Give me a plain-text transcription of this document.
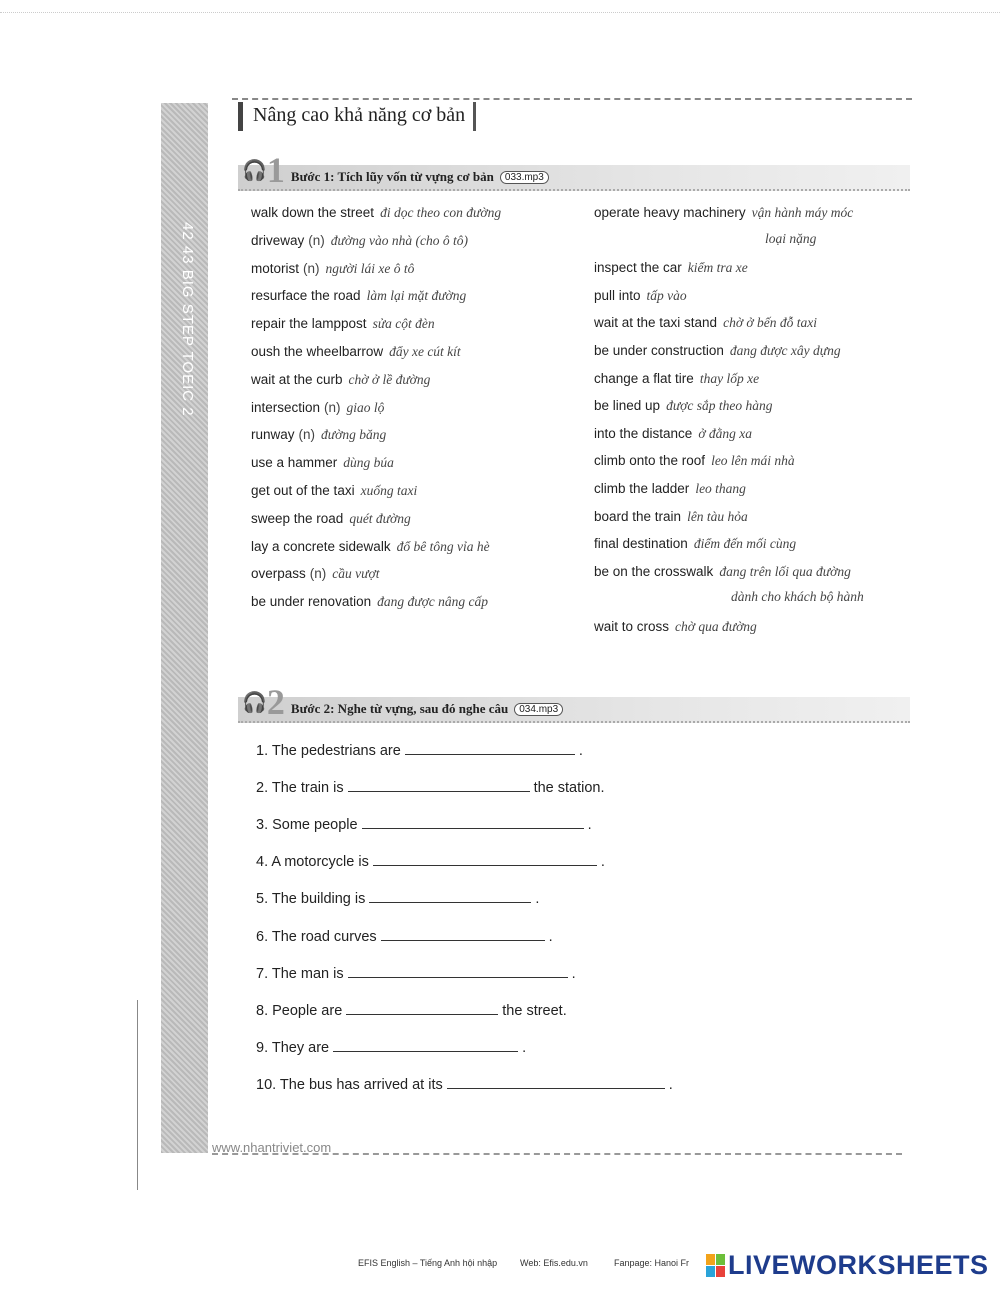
42 43 BIG STEP TOEIC 2
Nâng cao khả năng cơ bản
🎧 1 Bước 1: Tích lũy vốn từ vựng cơ bản	033.mp3
walk down the street đi dọc theo con đường
driveway (n) đường vào nhà (cho ô tô)
motorist (n) người lái xe ô tô
resurface the road làm lại mặt đường
repair the lamppost sửa cột đèn
oush the wheelbarrow đẩy xe cút kít
wait at the curb chờ ở lề đường
intersection (n) giao lộ
runway (n) đường băng
use a hammer dùng búa
get out of the taxi xuống taxi
sweep the road quét đường
lay a concrete sidewalk đổ bê tông vỉa hè
overpass (n) cầu vượt
be under renovation đang được nâng cấp
operate heavy machinery vận hành máy móc
loại nặng
inspect the car kiểm tra xe
pull into tấp vào
wait at the taxi stand chờ ở bến đỗ taxi
be under construction đang được xây dựng
change a flat tire thay lốp xe
be lined up được sắp theo hàng
into the distance ở đằng xa
climb onto the roof leo lên mái nhà
climb the ladder leo thang
board the train lên tàu hỏa
final destination điểm đến mối cùng
be on the crosswalk đang trên lối qua đường
dành cho khách bộ hành
wait to cross chờ qua đường
🎧 2 Bước 2: Nghe từ vựng, sau đó nghe câu	034.mp3
1. The pedestrians are	.
2. The train is	the station.
3. Some people	.
4. A motorcycle is	.
5. The building is	.
6. The road curves	.
7. The man is	.
8. People are	the street.
9. They are	.
10. The bus has arrived at its	.
www.nhantriviet.com
EFIS English – Tiếng Anh hội nhập	Web: Efis.edu.vn	Fanpage: Hanoi Fr	LIVEWORKSHEETS
